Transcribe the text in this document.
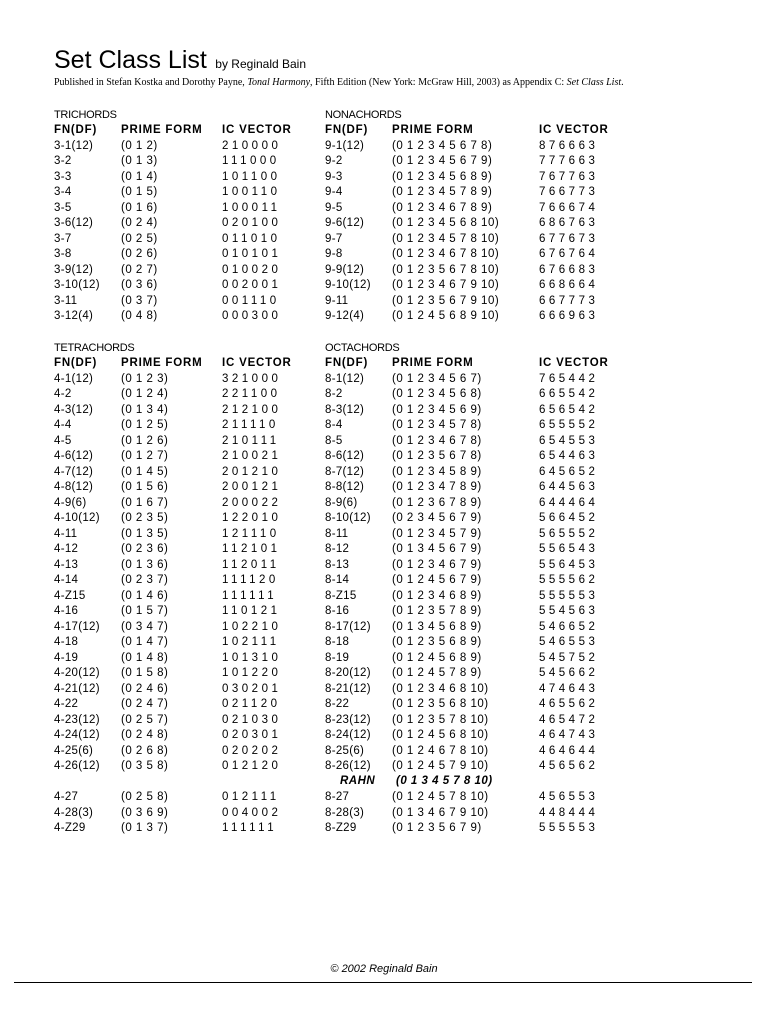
Set Class List by Reginald Bain
Published in Stefan Kostka and Dorothy Payne, Tonal Harmony, Fifth Edition (New York: McGraw Hill, 2003) as Appendix C: Set Class List.
TRICHORDS
FN(DF) PRIME FORM IC VECTOR
3-1(12) (0 1 2)	210000
3-2	(0 1 3)	111000
3-3	(0 1 4)	101100
3-4	(0 1 5)	100110
3-5	(0 1 6)	100011
3-6(12) (0 2 4)	020100
3-7	(0 2 5)	011010
3-8	(0 2 6)	010101
3-9(12) (0 2 7)	010020
3-10(12) (0 3 6)	002001
3-11	(0 3 7)	001110
3-12(4) (0 4 8)	000300
NONACHORDS
FN(DF) PRIME FORM	IC VECTOR
9-1(12) (0 1 2 3 4 5 6 7 8)	876663
9-2	(0 1 2 3 4 5 6 7 9)	777663
9-3	(0 1 2 3 4 5 6 8 9)	767763
9-4	(0 1 2 3 4 5 7 8 9)	766773
9-5	(0 1 2 3 4 6 7 8 9)	766674
9-6(12) (0 1 2 3 4 5 6 8 10)	686763
9-7	(0 1 2 3 4 5 7 8 10)	677673
9-8	(0 1 2 3 4 6 7 8 10)	676764
9-9(12) (0 1 2 3 5 6 7 8 10)	676683
9-10(12) (0 1 2 3 4 6 7 9 10)	668664
9-11	(0 1 2 3 5 6 7 9 10)	667773
9-12(4) (0 1 2 4 5 6 8 9 10)	666963
TETRACHORDS
FN(DF) PRIME FORM IC VECTOR
4-1(12) (0 1 2 3)	321000
4-2	(0 1 2 4)	221100
4-3(12) (0 1 3 4)	212100
4-4	(0 1 2 5)	211110
4-5	(0 1 2 6)	210111
4-6(12) (0 1 2 7)	210021
4-7(12) (0 1 4 5)	201210
4-8(12) (0 1 5 6)	200121
4-9(6)	(0 1 6 7)	200022
4-10(12) (0 2 3 5)	122010
4-11	(0 1 3 5)	121110
4-12	(0 2 3 6)	112101
4-13	(0 1 3 6)	112011
4-14	(0 2 3 7)	111120
4-Z15	(0 1 4 6)	111111
4-16	(0 1 5 7)	110121
4-17(12) (0 3 4 7)	102210
4-18	(0 1 4 7)	102111
4-19	(0 1 4 8)	101310
4-20(12) (0 1 5 8)	101220
4-21(12) (0 2 4 6)	030201
4-22	(0 2 4 7)	021120
4-23(12) (0 2 5 7)	021030
4-24(12) (0 2 4 8)	020301
4-25(6) (0 2 6 8)	020202
4-26(12) (0 3 5 8)	012120
4-27	(0 2 5 8)	012111
4-28(3) (0 3 6 9)	004002
4-Z29	(0 1 3 7)	111111
OCTACHORDS
FN(DF) PRIME FORM	IC VECTOR
8-1(12) (0 1 2 3 4 5 6 7)	765442
8-2	(0 1 2 3 4 5 6 8)	665542
8-3(12) (0 1 2 3 4 5 6 9)	656542
8-4	(0 1 2 3 4 5 7 8)	655552
8-5	(0 1 2 3 4 6 7 8)	654553
8-6(12) (0 1 2 3 5 6 7 8)	654463
8-7(12) (0 1 2 3 4 5 8 9)	645652
8-8(12) (0 1 2 3 4 7 8 9)	644563
8-9(6)	(0 1 2 3 6 7 8 9)	644464
8-10(12) (0 2 3 4 5 6 7 9)	566452
8-11	(0 1 2 3 4 5 7 9)	565552
8-12	(0 1 3 4 5 6 7 9)	556543
8-13	(0 1 2 3 4 6 7 9)	556453
8-14	(0 1 2 4 5 6 7 9)	555562
8-Z15	(0 1 2 3 4 6 8 9)	555553
8-16	(0 1 2 3 5 7 8 9)	554563
8-17(12) (0 1 3 4 5 6 8 9)	546652
8-18	(0 1 2 3 5 6 8 9)	546553
8-19	(0 1 2 4 5 6 8 9)	545752
8-20(12) (0 1 2 4 5 7 8 9)	545662
8-21(12) (0 1 2 3 4 6 8 10)	474643
8-22	(0 1 2 3 5 6 8 10)	465562
8-23(12) (0 1 2 3 5 7 8 10)	465472
8-24(12) (0 1 2 4 5 6 8 10)	464743
8-25(6) (0 1 2 4 6 7 8 10)	464644
8-26(12) (0 1 2 4 5 7 9 10)	456562
8-27	(0 1 2 4 5 7 8 10)	456553
8-28(3) (0 1 3 4 6 7 9 10)	448444
8-Z29	(0 1 2 3 5 6 7 9)	555553
RAHN (0 1 3 4 5 7 8 10)
© 2002 Reginald Bain
